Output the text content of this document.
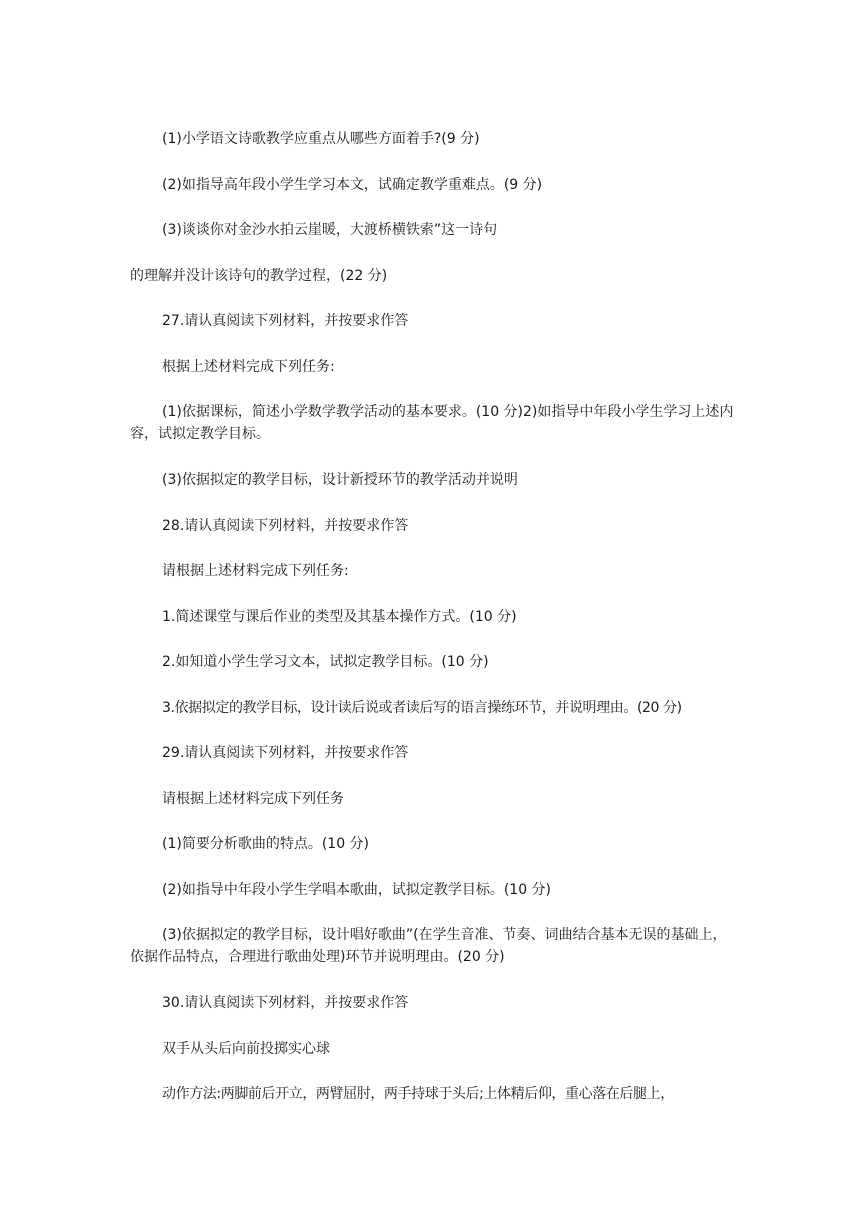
(1)小学语文诗歌教学应重点从哪些方面着手?(9 分)
(2)如指导高年段小学生学习本文，试确定教学重难点。(9 分)
(3)谈谈你对金沙水拍云崖暖，大渡桥横铁索”这一诗句
的理解并没计该诗句的教学过程，(22 分)
27.请认真阅读下列材料，并按要求作答
根据上述材料完成下列任务:
(1)依据课标，简述小学数学教学活动的基本要求。(10 分)2)如指导中年段小学生学习上述内容，试拟定教学目标。
(3)依据拟定的教学目标，设计新授环节的教学活动并说明
28.请认真阅读下列材料，并按要求作答
请根据上述材料完成下列任务:
1.简述课堂与课后作业的类型及其基本操作方式。(10 分)
2.如知道小学生学习文本，试拟定教学目标。(10 分)
3.依据拟定的教学目标，设计读后说或者读后写的语言操练环节，并说明理由。(20 分)
29.请认真阅读下列材料，并按要求作答
请根据上述材料完成下列任务
(1)简要分析歌曲的特点。(10 分)
(2)如指导中年段小学生学唱本歌曲，试拟定教学目标。(10 分)
(3)依据拟定的教学目标，设计唱好歌曲”(在学生音准、节奏、词曲结合基本无误的基础上，依据作品特点，合理进行歌曲处理)环节并说明理由。(20 分)
30.请认真阅读下列材料，并按要求作答
双手从头后向前投掷实心球
动作方法:两脚前后开立，两臂屈肘，两手持球于头后;上体精后仰，重心落在后腿上，
